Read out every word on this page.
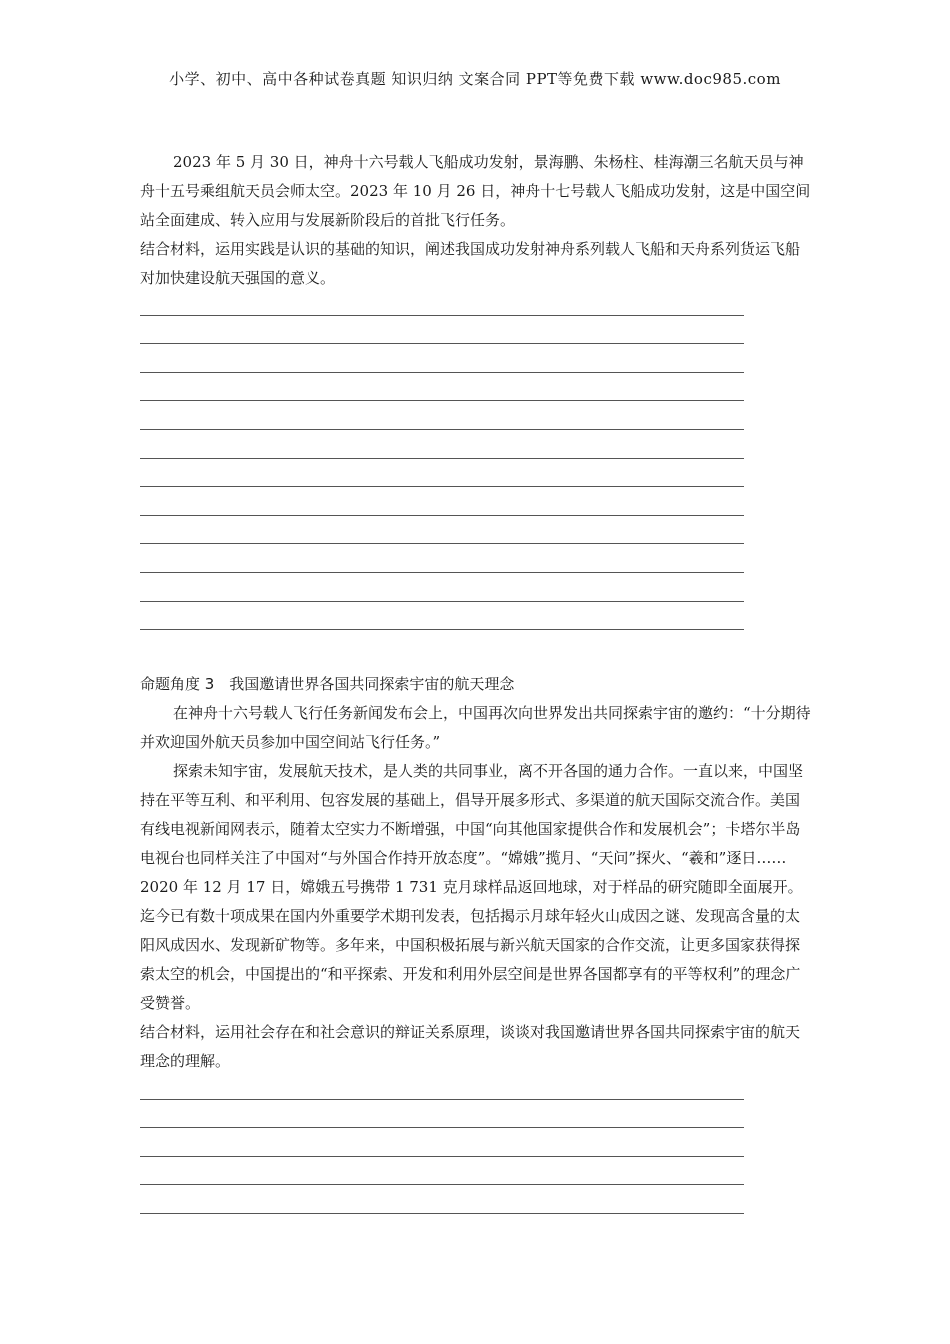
小学、初中、高中各种试卷真题 知识归纳 文案合同 PPT等免费下载 www.doc985.com

2023 年 5 月 30 日，神舟十六号载人飞船成功发射，景海鹏、朱杨柱、桂海潮三名航天员与神舟十五号乘组航天员会师太空。2023 年 10 月 26 日，神舟十七号载人飞船成功发射，这是中国空间站全面建成、转入应用与发展新阶段后的首批飞行任务。

结合材料，运用实践是认识的基础的知识，阐述我国成功发射神舟系列载人飞船和天舟系列货运飞船对加快建设航天强国的意义。

命题角度 3　我国邀请世界各国共同探索宇宙的航天理念

在神舟十六号载人飞行任务新闻发布会上，中国再次向世界发出共同探索宇宙的邀约：“十分期待并欢迎国外航天员参加中国空间站飞行任务。”

探索未知宇宙，发展航天技术，是人类的共同事业，离不开各国的通力合作。一直以来，中国坚持在平等互利、和平利用、包容发展的基础上，倡导开展多形式、多渠道的航天国际交流合作。美国有线电视新闻网表示，随着太空实力不断增强，中国“向其他国家提供合作和发展机会”；卡塔尔半岛电视台也同样关注了中国对“与外国合作持开放态度”。“嫦娥”揽月、“天问”探火、“羲和”逐日……2020 年 12 月 17 日，嫦娥五号携带 1 731 克月球样品返回地球，对于样品的研究随即全面展开。迄今已有数十项成果在国内外重要学术期刊发表，包括揭示月球年轻火山成因之谜、发现高含量的太阳风成因水、发现新矿物等。多年来，中国积极拓展与新兴航天国家的合作交流，让更多国家获得探索太空的机会，中国提出的“和平探索、开发和利用外层空间是世界各国都享有的平等权利”的理念广受赞誉。

结合材料，运用社会存在和社会意识的辩证关系原理，谈谈对我国邀请世界各国共同探索宇宙的航天理念的理解。
